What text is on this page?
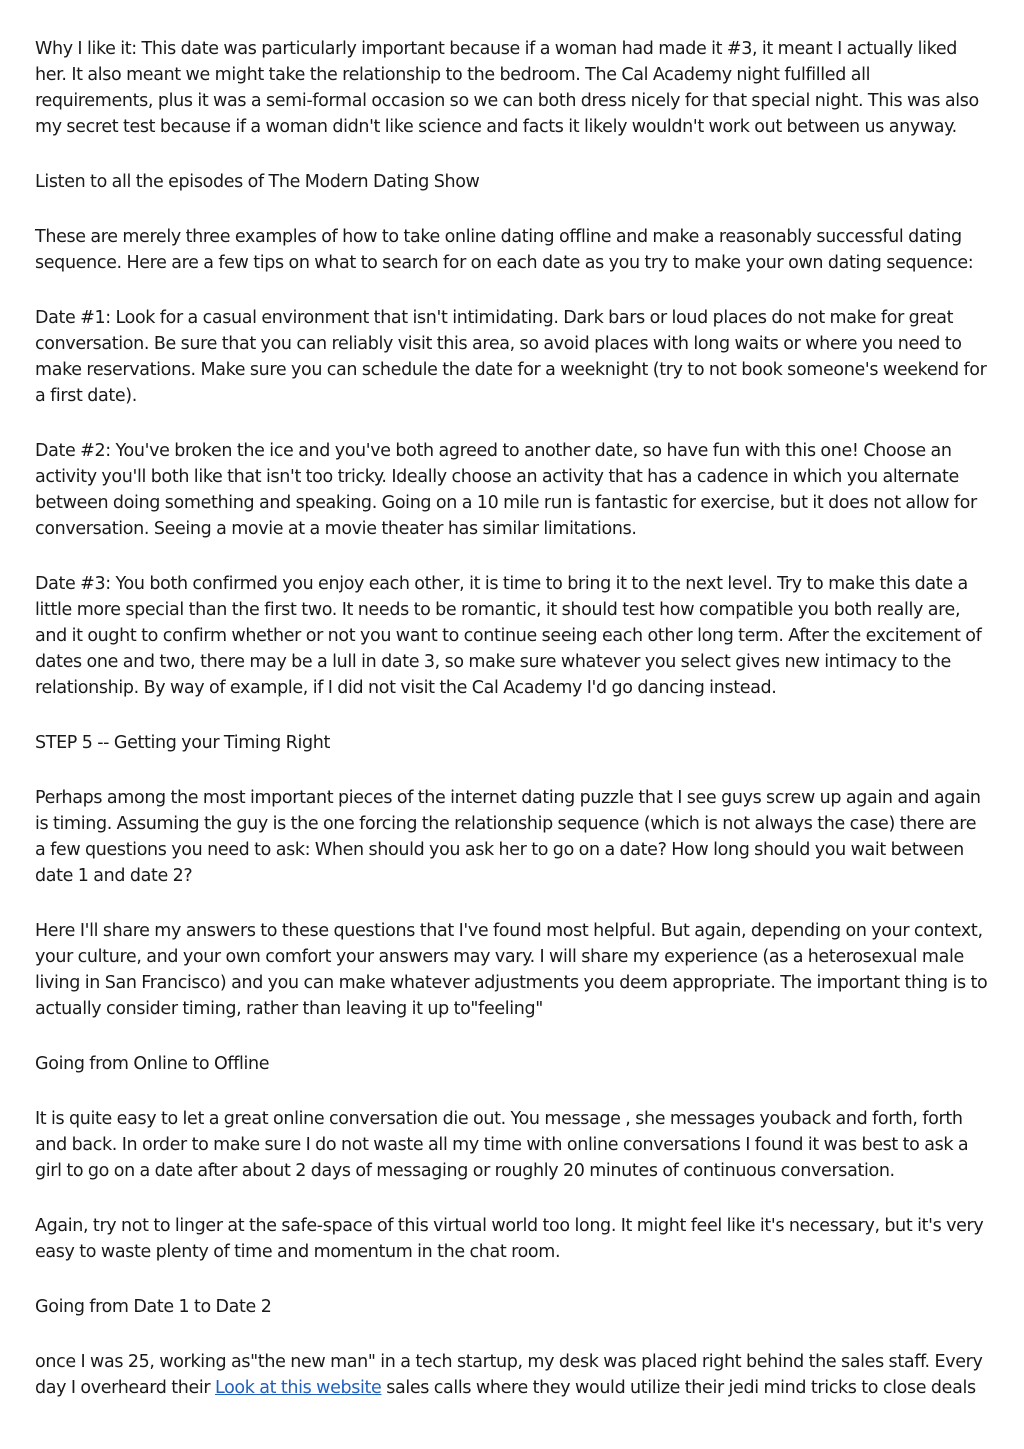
Why I like it: This date was particularly important because if a woman had made it #3, it meant I actually liked her. It also meant we might take the relationship to the bedroom. The Cal Academy night fulfilled all requirements, plus it was a semi-formal occasion so we can both dress nicely for that special night. This was also my secret test because if a woman didn't like science and facts it likely wouldn't work out between us anyway.

Listen to all the episodes of The Modern Dating Show

These are merely three examples of how to take online dating offline and make a reasonably successful dating sequence. Here are a few tips on what to search for on each date as you try to make your own dating sequence:

Date #1: Look for a casual environment that isn't intimidating. Dark bars or loud places do not make for great conversation. Be sure that you can reliably visit this area, so avoid places with long waits or where you need to make reservations. Make sure you can schedule the date for a weeknight (try to not book someone's weekend for a first date).

Date #2: You've broken the ice and you've both agreed to another date, so have fun with this one! Choose an activity you'll both like that isn't too tricky. Ideally choose an activity that has a cadence in which you alternate between doing something and speaking. Going on a 10 mile run is fantastic for exercise, but it does not allow for conversation. Seeing a movie at a movie theater has similar limitations.

Date #3: You both confirmed you enjoy each other, it is time to bring it to the next level. Try to make this date a little more special than the first two. It needs to be romantic, it should test how compatible you both really are, and it ought to confirm whether or not you want to continue seeing each other long term. After the excitement of dates one and two, there may be a lull in date 3, so make sure whatever you select gives new intimacy to the relationship. By way of example, if I did not visit the Cal Academy I'd go dancing instead.

STEP 5 -- Getting your Timing Right

Perhaps among the most important pieces of the internet dating puzzle that I see guys screw up again and again is timing. Assuming the guy is the one forcing the relationship sequence (which is not always the case) there are a few questions you need to ask: When should you ask her to go on a date? How long should you wait between date 1 and date 2?

Here I'll share my answers to these questions that I've found most helpful. But again, depending on your context, your culture, and your own comfort your answers may vary. I will share my experience (as a heterosexual male living in San Francisco) and you can make whatever adjustments you deem appropriate. The important thing is to actually consider timing, rather than leaving it up to"feeling"

Going from Online to Offline

It is quite easy to let a great online conversation die out. You message , she messages youback and forth, forth and back. In order to make sure I do not waste all my time with online conversations I found it was best to ask a girl to go on a date after about 2 days of messaging or roughly 20 minutes of continuous conversation.

Again, try not to linger at the safe-space of this virtual world too long. It might feel like it's necessary, but it's very easy to waste plenty of time and momentum in the chat room.

Going from Date 1 to Date 2

once I was 25, working as"the new man" in a tech startup, my desk was placed right behind the sales staff. Every day I overheard their Look at this website sales calls where they would utilize their jedi mind tricks to close deals
